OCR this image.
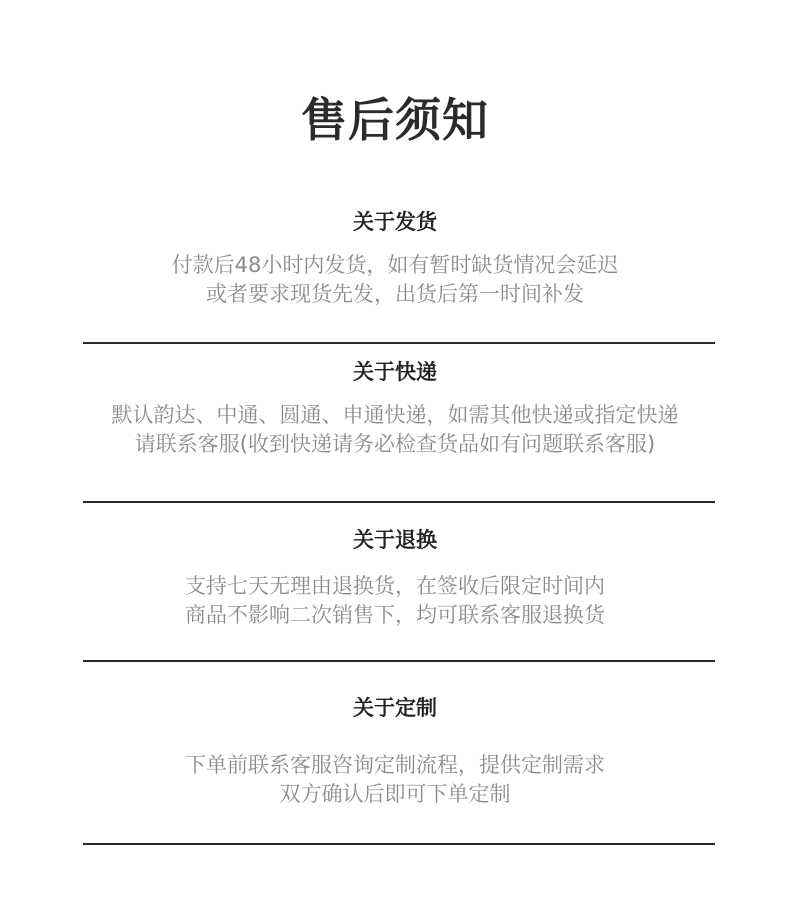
售后须知
关于发货
付款后48小时内发货，如有暂时缺货情况会延迟
或者要求现货先发，出货后第一时间补发
关于快递
默认韵达、中通、圆通、申通快递，如需其他快递或指定快递
请联系客服(收到快递请务必检查货品如有问题联系客服)
关于退换
支持七天无理由退换货，在签收后限定时间内
商品不影响二次销售下，均可联系客服退换货
关于定制
下单前联系客服咨询定制流程，提供定制需求
双方确认后即可下单定制
